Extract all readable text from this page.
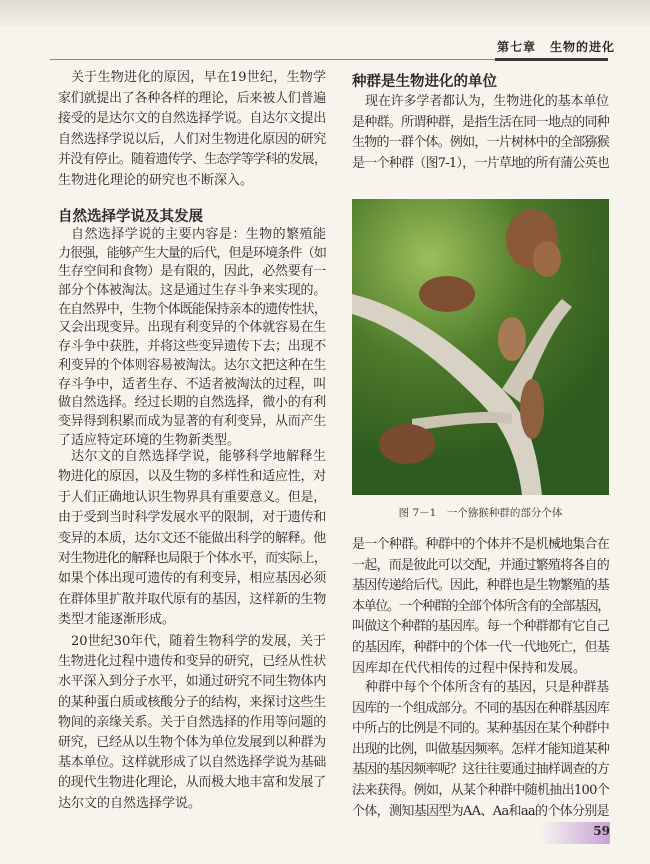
第七章 生物的进化
关于生物进化的原因，早在19世纪，生物学
家们就提出了各种各样的理论，后来被人们普遍
接受的是达尔文的自然选择学说。自达尔文提出
自然选择学说以后，人们对生物进化原因的研究
并没有停止。随着遗传学、生态学等学科的发展，
生物进化理论的研究也不断深入。
自然选择学说及其发展
自然选择学说的主要内容是：生物的繁殖能
力很强，能够产生大量的后代，但是环境条件（如
生存空间和食物）是有限的，因此，必然要有一
部分个体被淘汰。这是通过生存斗争来实现的。
在自然界中，生物个体既能保持亲本的遗传性状，
又会出现变异。出现有利变异的个体就容易在生
存斗争中获胜，并将这些变异遗传下去；出现不
利变异的个体则容易被淘汰。达尔文把这种在生
存斗争中，适者生存、不适者被淘汰的过程，叫
做自然选择。经过长期的自然选择，微小的有利
变异得到积累而成为显著的有利变异，从而产生
了适应特定环境的生物新类型。
达尔文的自然选择学说，能够科学地解释生
物进化的原因，以及生物的多样性和适应性，对
于人们正确地认识生物界具有重要意义。但是，
由于受到当时科学发展水平的限制，对于遗传和
变异的本质，达尔文还不能做出科学的解释。他
对生物进化的解释也局限于个体水平，而实际上，
如果个体出现可遗传的有利变异，相应基因必须
在群体里扩散并取代原有的基因，这样新的生物
类型才能逐渐形成。
20世纪30年代，随着生物科学的发展，关于
生物进化过程中遗传和变异的研究，已经从性状
水平深入到分子水平，如通过研究不同生物体内
的某种蛋白质或核酸分子的结构，来探讨这些生
物间的亲缘关系。关于自然选择的作用等问题的
研究，已经从以生物个体为单位发展到以种群为
基本单位。这样就形成了以自然选择学说为基础
的现代生物进化理论，从而极大地丰富和发展了
达尔文的自然选择学说。
种群是生物进化的单位
现在许多学者都认为，生物进化的基本单位
是种群。所谓种群，是指生活在同一地点的同种
生物的一群个体。例如，一片树林中的全部猕猴
是一个种群（图7-1），一片草地的所有蒲公英也
是一个种群。种群中的个体并不是机械地集合在
一起，而是彼此可以交配，并通过繁殖将各自的
基因传递给后代。因此，种群也是生物繁殖的基
本单位。一个种群的全部个体所含有的全部基因，
叫做这个种群的基因库。每一个种群都有它自己
的基因库，种群中的个体一代一代地死亡，但基
因库却在代代相传的过程中保持和发展。
种群中每个个体所含有的基因，只是种群基
因库的一个组成部分。不同的基因在种群基因库
中所占的比例是不同的。某种基因在某个种群中
出现的比例，叫做基因频率。怎样才能知道某种
基因的基因频率呢？这往往要通过抽样调查的方
法来获得。例如，从某个种群中随机抽出100个
个体，测知基因型为AA、Aa和aa的个体分别是
图 7－1　一个猕猴种群的部分个体
59
